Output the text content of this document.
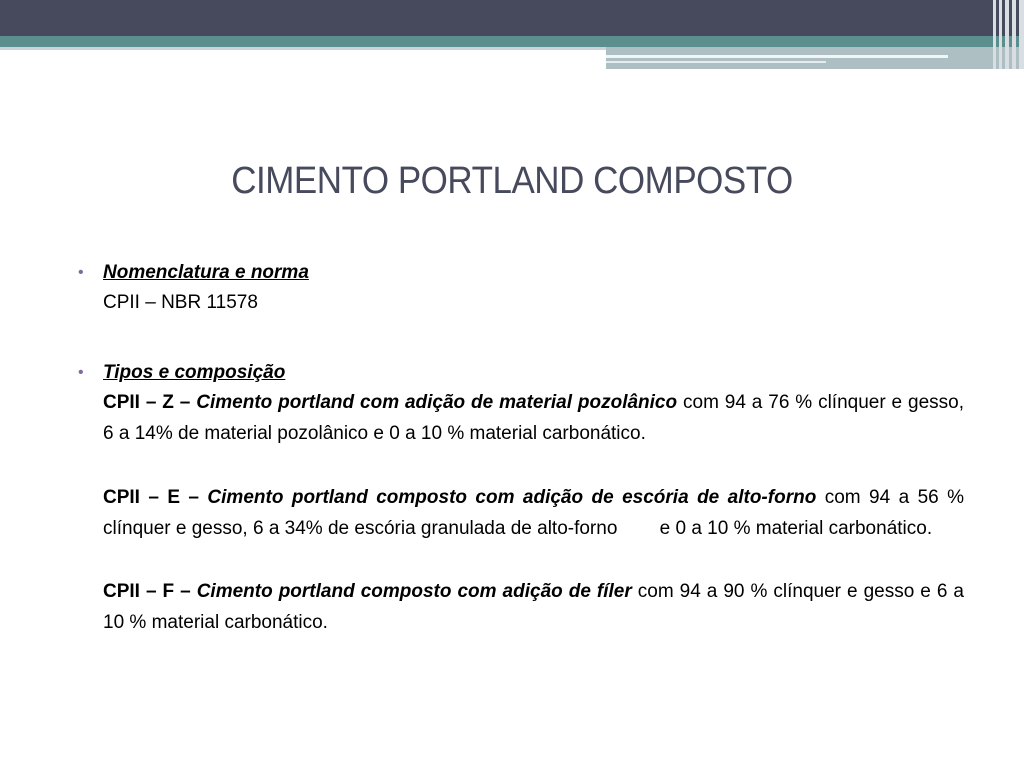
CIMENTO PORTLAND COMPOSTO
• Nomenclatura e norma
CPII – NBR 11578
• Tipos e composição
CPII – Z – Cimento portland com adição de material pozolânico com 94 a 76 % clínquer e gesso, 6 a 14% de material pozolânico e 0 a 10 % material carbonático.
CPII – E – Cimento portland composto com adição de escória de alto-forno com 94 a 56 % clínquer e gesso, 6 a 34% de escória granulada de alto-forno        e 0 a 10 % material carbonático.
CPII – F – Cimento portland composto com adição de fíler com 94 a 90 % clínquer e gesso e 6 a 10 % material carbonático.
